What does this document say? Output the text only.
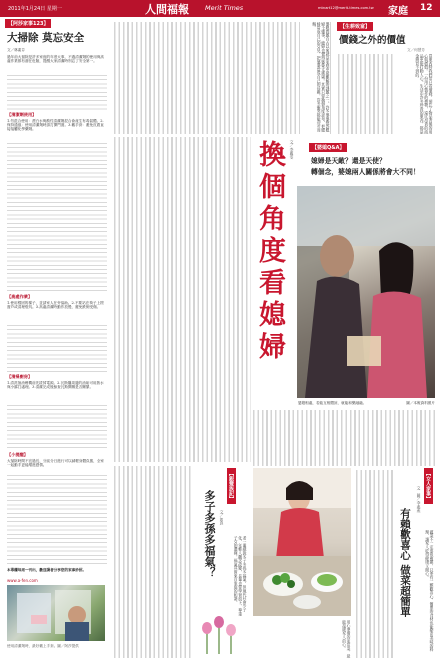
2011年1月24日 星期一	人間福報 Merit Times	mtnart12@merit-times.com.tw 家庭 12
【阿莎家事123】
大掃除 莫忘安全
文／林素芬
過年前大掃除是許多家庭的年度大事，不過清潔劑的使用與高處作業都有潛在危險，提醒大家清潔時別忘了安全第一。
【清潔劑使用】
1.勿混合使用：漂白水與酸性清潔劑混合會產生有毒氣體。2.保持通風：使用清潔劑時請打開門窗。3.戴手套：避免皮膚直接接觸化學藥劑。
【高處作業】
1.使用穩固的梯子，並請家人在旁協助。2.不要站在椅子上擦窗戶或清理燈具。3.高處清潔時動作放慢，避免跌倒受傷。
【清掃廚房】
1.清洗抽油煙機前先拔掉電源。2.瓦斯爐周邊的油垢可用熱水與小蘇打處理。3.清潔完成後檢查瓦斯開關是否關緊。
【小提醒】
大掃除時間不宜過長，分區分日進行可以減輕身體負擔，全家一起動手更能增進感情。
本專欄每周一刊出，歡迎讀者分享您的家事妙招。
www.a-fen.com
使用清潔劑時，最好戴上手套。圖／阿莎提供
婆媳問題自古以來就是家庭中最難解的課題之一。許多婆婆抱怨媳婦不懂事，媳婦也覺得婆婆太挑剔。其實只要換個角度思考，把媳婦當成自己的女兒，把婆婆當成自己的母親，許多衝突都能迎刃而解。	【生耕致富】
價錢之外的價值
文／何慧芳
買東西時我們常只看價錢，卻忘了物品背後的用心與價值。一份用心製作的禮物，遠比昂貴的商品更能打動人心。生活中許多珍貴的東西，都是金錢買不到的。
換個角度看媳婦	文／李麗雯	【婆媳Q&A】
媳婦是天敵？還是天使？
轉個念，婆媳兩人關係將會大不同！
婆媳相處，若能互相體諒，就能和樂融融。	圖／本報資料照片
【銀髮族記】
多子多孫多福氣？ 文／如真
老一輩總說多子多孫多福氣，但現代社會少子化，年輕人觀念改變，長輩也要學習放下，尊重子女的選擇，福氣其實來自家庭的和諧。
用心準備的家常菜，最能溫暖家人的心。
【女人家事】
文．圖／李燕燕
有賴歡喜心 做菜超簡單	做菜不一定要很複雜，只要有一顆歡喜心，簡單的食材也能變出美味的料理，讓家人吃得健康又開心。
